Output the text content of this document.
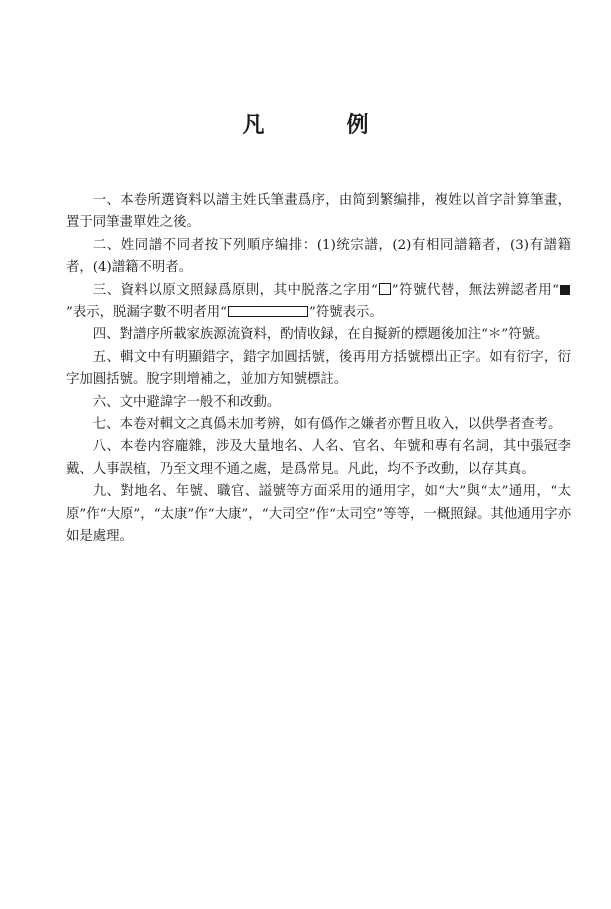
凡　例

一、本卷所選資料以譜主姓氏筆畫爲序，由简到繁编排，複姓以首字計算筆畫，置于同筆畫單姓之後。

二、姓同譜不同者按下列順序编排：(1)统宗譜，(2)有相同譜籍者，(3)有譜籍者，(4)譜籍不明者。

三、資料以原文照録爲原則，其中脱落之字用“ ”符號代替，無法辨認者用“”表示，脱漏字數不明者用“	”符號表示。

四、對譜序所載家族源流資料，酌情收録，在自擬新的標題後加注“＊”符號。

五、輯文中有明顯錯字，錯字加圓括號，後再用方括號標出正字。如有衍字，衍字加圓括號。脫字則增補之，並加方知號標註。

六、文中避諱字一般不和改動。

七、本卷对輯文之真僞未加考辨，如有僞作之嫌者亦暫且收入，以供學者查考。

八、本卷内容龐雜，涉及大量地名、人名、官名、年號和專有名詞，其中張冠李戴、人事誤植，乃至文理不通之處，是爲常見。凡此，均不予改動，以存其真。

九、對地名、年號、職官、謚號等方面采用的通用字，如“大”與“太”通用，“太原”作“大原”，“太康”作“大康”，“大司空”作“太司空”等等，一概照録。其他通用字亦如是處理。
